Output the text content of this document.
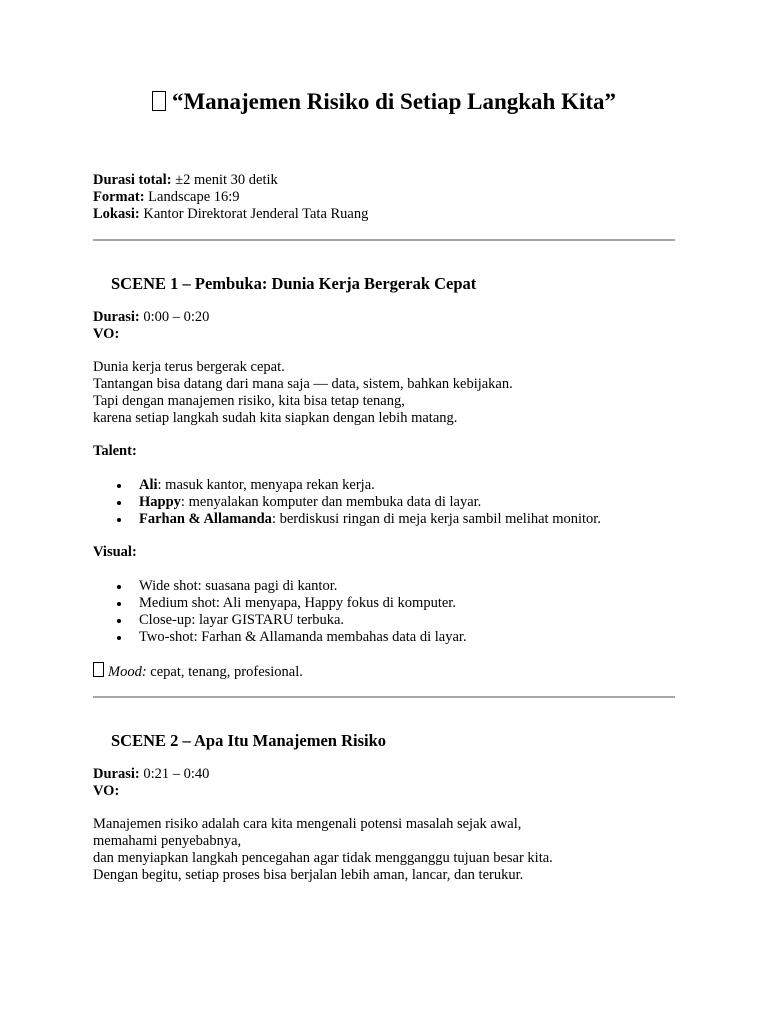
“Manajemen Risiko di Setiap Langkah Kita”
Durasi total: ±2 menit 30 detik
Format: Landscape 16:9
Lokasi: Kantor Direktorat Jenderal Tata Ruang
SCENE 1 – Pembuka: Dunia Kerja Bergerak Cepat
Durasi: 0:00 – 0:20
VO:
Dunia kerja terus bergerak cepat.
Tantangan bisa datang dari mana saja — data, sistem, bahkan kebijakan.
Tapi dengan manajemen risiko, kita bisa tetap tenang,
karena setiap langkah sudah kita siapkan dengan lebih matang.
Talent:
Ali: masuk kantor, menyapa rekan kerja.
Happy: menyalakan komputer dan membuka data di layar.
Farhan & Allamanda: berdiskusi ringan di meja kerja sambil melihat monitor.
Visual:
Wide shot: suasana pagi di kantor.
Medium shot: Ali menyapa, Happy fokus di komputer.
Close-up: layar GISTARU terbuka.
Two-shot: Farhan & Allamanda membahas data di layar.
Mood: cepat, tenang, profesional.
SCENE 2 – Apa Itu Manajemen Risiko
Durasi: 0:21 – 0:40
VO:
Manajemen risiko adalah cara kita mengenali potensi masalah sejak awal,
memahami penyebabnya,
dan menyiapkan langkah pencegahan agar tidak mengganggu tujuan besar kita.
Dengan begitu, setiap proses bisa berjalan lebih aman, lancar, dan terukur.
